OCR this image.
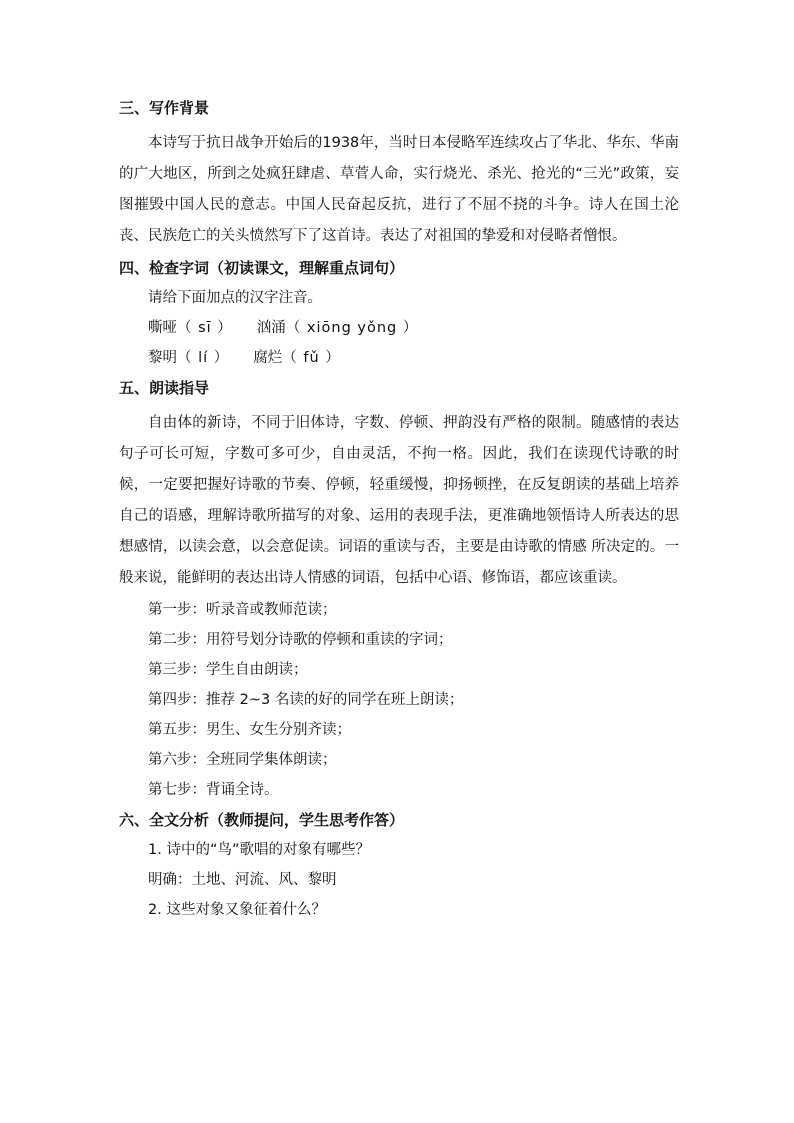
三、写作背景

本诗写于抗日战争开始后的1938年，当时日本侵略军连续攻占了华北、华东、华南的广大地区，所到之处疯狂肆虐、草菅人命，实行烧光、杀光、抢光的“三光”政策，妄图摧毁中国人民的意志。中国人民奋起反抗，进行了不屈不挠的斗争。诗人在国土沦丧、民族危亡的关头愤然写下了这首诗。表达了对祖国的挚爱和对侵略者憎恨。

四、检查字词（初读课文，理解重点词句）
请给下面加点的汉字注音。
嘶哑（ sī ） 汹涌（ xiōng yǒng ）
黎明（ lí ） 腐烂（ fǔ ）
五、朗读指导

自由体的新诗，不同于旧体诗，字数、停顿、押韵没有严格的限制。随感情的表达句子可长可短，字数可多可少，自由灵活，不拘一格。因此，我们在读现代诗歌的时候，一定要把握好诗歌的节奏、停顿，轻重缓慢，抑扬顿挫，在反复朗读的基础上培养自己的语感，理解诗歌所描写的对象、运用的表现手法，更准确地领悟诗人所表达的思想感情，以读会意，以会意促读。词语的重读与否，主要是由诗歌的情感 所决定的。一般来说，能鲜明的表达出诗人情感的词语，包括中心语、修饰语，都应该重读。

第一步：听录音或教师范读；
第二步：用符号划分诗歌的停顿和重读的字词；
第三步：学生自由朗读；
第四步：推荐 2~3 名读的好的同学在班上朗读；
第五步：男生、女生分别齐读；
第六步：全班同学集体朗读；
第七步：背诵全诗。
六、全文分析（教师提问，学生思考作答）
1. 诗中的“鸟”歌唱的对象有哪些？
明确：土地、河流、风、黎明
2. 这些对象又象征着什么？
